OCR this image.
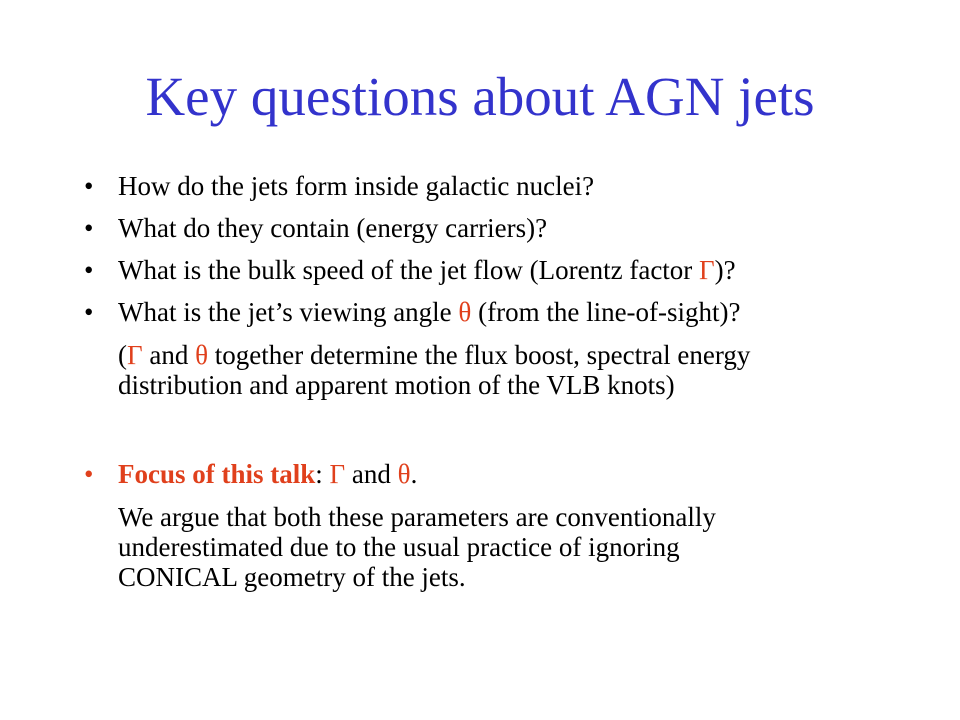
Key questions about AGN jets
• How do the jets form inside galactic nuclei?
• What do they contain (energy carriers)?
• What is the bulk speed of the jet flow (Lorentz factor Γ)?
• What is the jet’s viewing angle θ (from the line-of-sight)?
(Γ and θ together determine the flux boost, spectral energy
distribution and apparent motion of the VLB knots)
• Focus of this talk: Γ and θ.
We argue that both these parameters are conventionally
underestimated due to the usual practice of ignoring
CONICAL geometry of the jets.
